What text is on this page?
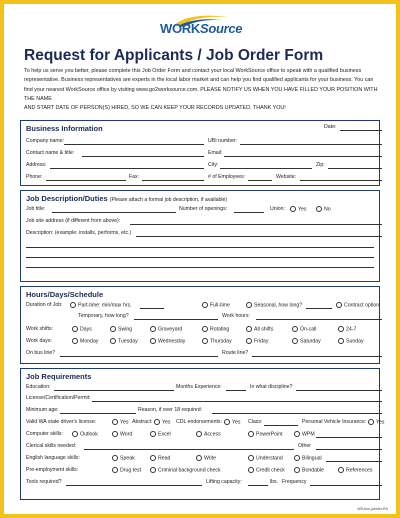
WORKSource
Request for Applicants / Job Order Form
To help us serve you better, please complete this Job Order Form and contact your local WorkSource office to speak with a qualified business
representative. Business representatives are experts in the local labor market and can help you find qualified applicants for your business. You can
find your nearest WorkSource office by visiting www.go2worksource.com. PLEASE NOTIFY US WHEN YOU HAVE FILLED YOUR POSITION WITH THE NAME
AND START DATE OF PERSON(S) HIRED, SO WE CAN KEEP YOUR RECORDS UPDATED. THANK YOU!
Business Information	Date:
Company name:	UBI number:
Contact name & title:	Email:
Address:	City:	Zip:
Phone:	Fax:	# of Employees:	Website:
Job Description/Duties (Please attach a formal job description, if available)
Job title:	Number of openings:	Union:	Yes	No
Job site address (if different from above):
Description: (example: installs, performs, etc.)
Hours/Days/Schedule
Duration of Job:	Part-time: min/max hrs.	Full-time	Seasonal, how long?	Contract option
Temporary, how long?	Work hours:
Work shifts:	Days	Swing	Graveyard	Rotating	All shifts	On-call	24-7
Work days:	Monday	Tuesday	Wednesday	Thursday	Friday	Saturday	Sunday
On bus line?	Route line?
Job Requirements
Education:	Months Experience:	In what discipline?
License/Certification/Permit:
Minimum age:	Reason, if over 18 required:
Valid WA state driver's license:	Yes Abstract:	Yes CDL endorsements:	Yes Class:	Personal Vehicle Insurance:	Yes
Computer skills:	Outlook	Word	Excel	Access	PowerPoint	WPM
Clerical skills needed:	Other
English language skills:	Speak	Read	Write	Understand	Bilingual
Pre-employment skills:	Drug test	Criminal background check	Credit check	Bondable	References
Tools required?	Lifting capacity:	lbs. Frequency
WS-bus-jobrder-EN
